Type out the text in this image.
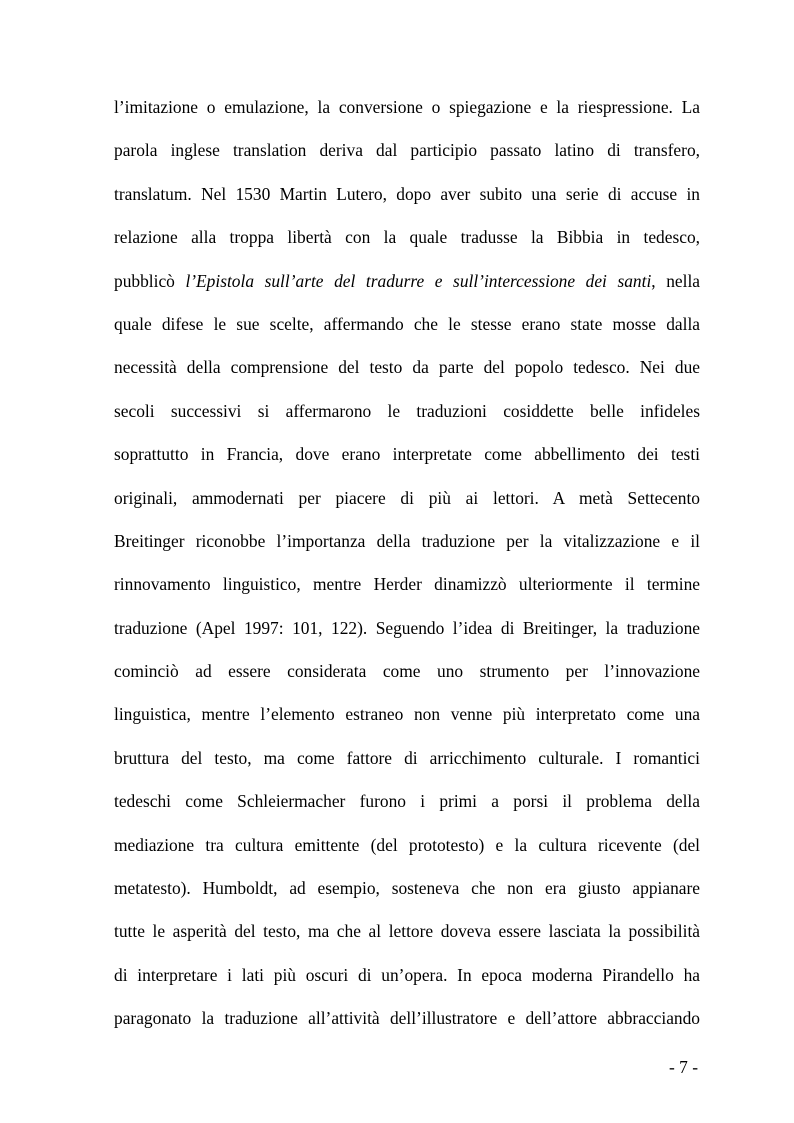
l’imitazione o emulazione, la conversione o spiegazione e la riespressione. La
parola inglese translation deriva dal participio passato latino di transfero,
translatum. Nel 1530 Martin Lutero, dopo aver subito una serie di accuse in
relazione alla troppa libertà con la quale tradusse la Bibbia in tedesco,
pubblicò l’Epistola sull’arte del tradurre e sull’intercessione dei santi, nella
quale difese le sue scelte, affermando che le stesse erano state mosse dalla
necessità della comprensione del testo da parte del popolo tedesco. Nei due
secoli successivi si affermarono le traduzioni cosiddette belle infideles
soprattutto in Francia, dove erano interpretate come abbellimento dei testi
originali, ammodernati per piacere di più ai lettori. A metà Settecento
Breitinger riconobbe l’importanza della traduzione per la vitalizzazione e il
rinnovamento linguistico, mentre Herder dinamizzò ulteriormente il termine
traduzione (Apel 1997: 101, 122). Seguendo l’idea di Breitinger, la traduzione
cominciò ad essere considerata come uno strumento per l’innovazione
linguistica, mentre l’elemento estraneo non venne più interpretato come una
bruttura del testo, ma come fattore di arricchimento culturale. I romantici
tedeschi come Schleiermacher furono i primi a porsi il problema della
mediazione tra cultura emittente (del prototesto) e la cultura ricevente (del
metatesto). Humboldt, ad esempio, sosteneva che non era giusto appianare
tutte le asperità del testo, ma che al lettore doveva essere lasciata la possibilità
di interpretare i lati più oscuri di un’opera. In epoca moderna Pirandello ha
paragonato la traduzione all’attività dell’illustratore e dell’attore abbracciando
- 7 -
